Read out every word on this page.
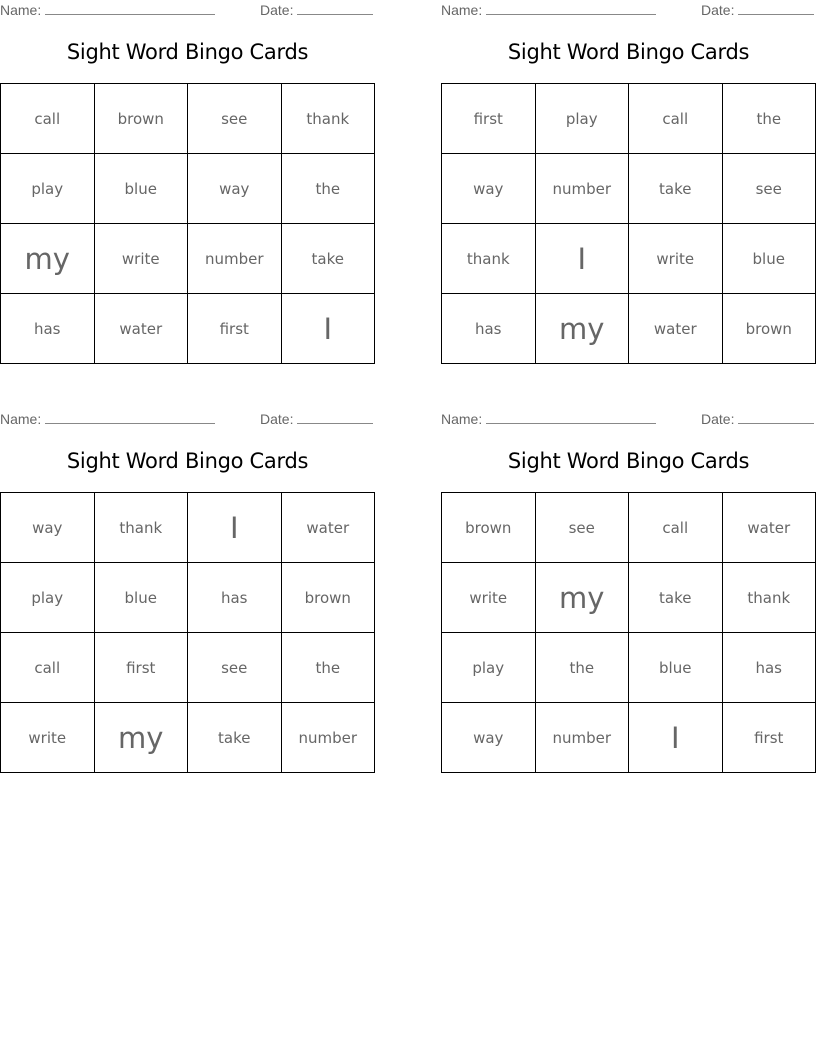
Name:	Date:
Sight Word Bingo Cards
call	brown	see	thank
play	blue	way	the
my	write	number	take
has	water	first	I
Name:	Date:
Sight Word Bingo Cards
first	play	call	the
way	number	take	see
thank	I	write	blue
has	my	water	brown
Name:	Date:
Sight Word Bingo Cards
way	thank	I	water
play	blue	has	brown
call	first	see	the
write	my	take	number
Name:	Date:
Sight Word Bingo Cards
brown	see	call	water
write	my	take	thank
play	the	blue	has
way	number	I	first
